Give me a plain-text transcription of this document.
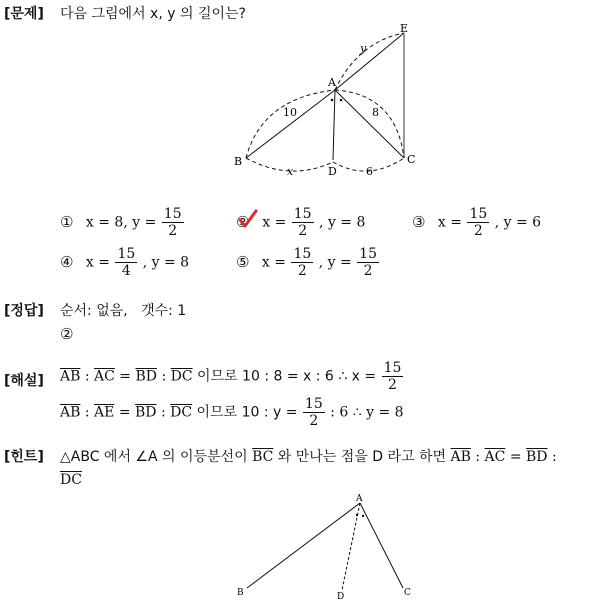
[문제] 다음 그림에서 x, y 의 길이는?
E
A
B	C
D
10	8
y
x	6
① x = 8, $y = \frac{15}{2}$	② $x = \frac{15}{2}$ , y = 8	③ $x = \frac{15}{2}$ , y = 6
④ $x = \frac{15}{4}$ , y = 8	⑤ $x = \frac{15}{2}$ , $y = \frac{15}{2}$
[정답] 순서: 없음,   갯수: 1
②
[해설] $\overline{AB}$ : $\overline{AC} = \overline{BD}$ : $\overline{DC}$ 이므로 10 : 8 = x : 6 ∴ $x = \frac{15}{2}$
$\overline{AB}$ : $\overline{AE} = \overline{BD}$ : $\overline{DC}$ 이므로 10 : $y = \frac{15}{2}$ : 6 ∴ y = 8
[힌트] △ABC 에서 ∠A 의 이등분선이 $\overline{BC}$ 와 만나는 점을 D 라고 하면 $\overline{AB}$ : $\overline{AC} = \overline{BD}$ :
$\overline{DC}$
A
B	C
D
